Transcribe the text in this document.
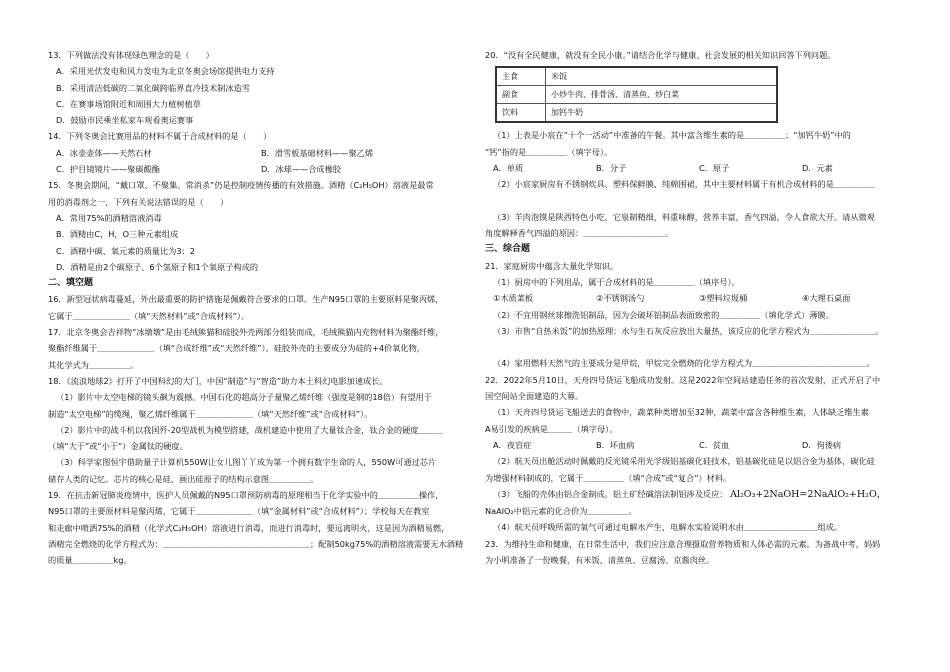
13．下列做法没有体现绿色理念的是（　　）
A．采用光伏发电和风力发电为北京冬奥会场馆提供电力支持
B．采用清洁低碳的二氧化碳跨临界直冷技术制冰造雪
C．在赛事场馆附近和周围大力植树植草
D．鼓励市民乘坐私家车观看奥运赛事
14．下列冬奥会比赛用品的材料不属于合成材料的是（　　）
A．冰壶壶体——天然石材	B．滑雪板基础材料——聚乙烯
C．护目镜镜片——聚碳酸酯	D．冰球——合成橡胶
15．冬奥会期间，“戴口罩、不聚集、常消杀”仍是控制疫情传播的有效措施。酒精（C₂H₅OH）溶液是最常
用的消毒剂之一，下列有关说法错误的是（　　）
A．常用75%的酒精溶液消毒
B．酒精由C，H，O三种元素组成
C．酒精中碳、氧元素的质量比为3：2
D．酒精是由2个碳原子、6个氢原子和1个氧原子构成的
二、填空题
16．新型冠状病毒蔓延，外出最重要的防护措施是佩戴符合要求的口罩。生产N95口罩的主要原料是聚丙烯，
它属于＿＿＿＿＿＿＿（填“天然材料”或“合成材料”）。
17．北京冬奥会吉祥物“冰墩墩”是由毛绒熊猫和硅胶外壳两部分组装而成，毛绒熊猫内充物材料为聚酯纤维，
聚酯纤维属于＿＿＿＿＿＿＿（填“合成纤维”或“天然纤维”）。硅胶外壳的主要成分为硅的+4价氧化物，
其化学式为＿＿＿＿＿。
18．《流浪地球2》打开了中国科幻的大门，中国“制造”与“智造”助力本土科幻电影加速成长。
（1）影片中太空电梯的镜头飙为震撼。中国石化的超高分子量聚乙烯纤维（强度是钢的18倍）有望用于
制造“太空电梯”的缆绳，聚乙烯纤维属于＿＿＿＿＿＿＿（填“天然纤维”或“合成材料”）。
（2）影片中的战斗机以我国歼-20型战机为模型搭建，战机建造中使用了大量钛合金，钛合金的硬度＿＿＿
（填“大于”或“小于”）金属钛的硬度。
（3）科学家图恒宇借助量子计算机550W让女儿图丫丫成为第一个拥有数字生命的人，550W可通过芯片
储存人类的记忆。芯片的核心是硅，画出硅原子的结构示意图＿＿＿＿＿。
19．在抗击新冠肺炎疫情中，医护人员佩戴的N95口罩预防病毒的原理相当于化学实验中的＿＿＿＿＿操作，
N95口罩的主要原材料是聚丙烯，它属于＿＿＿＿＿＿＿（填“金属材料”或“合成材料”）；学校每天在教室
和走廊中喷洒75%的酒精（化学式C₂H₅OH）溶液进行消毒，而进行消毒时，要远离明火，这是因为酒精易燃，
酒精完全燃烧的化学方程式为：＿＿＿＿＿＿＿＿＿＿＿＿＿＿＿＿＿＿；配制50kg75%的酒精溶液需要无水酒精
的质量＿＿＿＿＿kg。
20．“没有全民健康，就没有全民小康。”请结合化学与健康、社会发展的相关知识回答下列问题。
主食	米饭
副食	小炒牛肉、排骨汤、清蒸鱼、炒白菜
饮料	加钙牛奶
（1）上表是小宸在“十个一活动”中准备的午餐。其中富含维生素的是＿＿＿＿＿；“加钙牛奶”中的
“钙”指的是＿＿＿＿＿（填字母）。
A．单质	B．分子	C．原子	D．元素
（2）小宸家厨房有不锈钢炊具、塑料保鲜膜、纯棉围裙，其中主要材料属于有机合成材料的是＿＿＿＿＿

（3）羊肉泡馍是陕西特色小吃，它泉制精细，料重味醇，营养丰富，香气四溢，令人食欲大开。请从微观
角度解释香气四溢的原因：＿＿＿＿＿＿＿＿＿＿。
三、综合题
21．家庭厨房中蕴含大量化学知识。
（1）厨房中的下列用品，属于合成材料的是＿＿＿＿＿（填序号）。
①木质菜板	②不锈钢汤勺	③塑料垃圾桶	④大理石桌面
（2）不宜用钢丝球擦洗铝制品，因为会破坏铝制品表面致密的＿＿＿＿＿（填化学式）薄膜。
（3）市售“自热米饭”的加热原理：水与生石灰反应放出大量热，该反应的化学方程式为＿＿＿＿＿＿＿＿。

（4）家用燃料天然气的主要成分是甲烷，甲烷完全燃烧的化学方程式为＿＿＿＿＿＿＿＿＿＿＿＿＿＿。
22．2022年5月10日，天舟四号货运飞船成功发射。这是2022年空间站建造任务的首次发射，正式开启了中
国空间站全面建造的大幕。
（1）天舟四号货运飞船送去的食物中，蔬菜种类增加至32种，蔬菜中富含各种维生素，人体缺乏维生素
A易引发的疾病是＿＿＿（填字母）。
A．夜盲症	B．坏血病	C．贫血	D．佝偻病
（2）航天员出舱活动时佩戴的反光镜采用光学级铝基碳化硅技术，铝基碳化硅是以铝合金为基体，碳化硅
为增强材料制成的，它属于＿＿＿＿＿（填“合成”或“复合”）材料。
（3）飞船的壳体由铝合金制成。铝土矿经碱溶法制铝涉及反应： Al₂O₃+2NaOH=2NaAlO₂+H₂O，
NaAlO₂中铝元素的化合价为＿＿＿＿＿。
（4）航天员呼吸所需的氧气可通过电解水产生，电解水实验说明水由＿＿＿＿＿＿＿＿＿组成。
23．为维持生命和健康，在日常生活中，我们应注意合理摄取营养物质和人体必需的元素。为备战中考，妈妈
为小明准备了一份晚餐，有米饭、清蒸鱼、豆腐汤、京酱肉丝。
